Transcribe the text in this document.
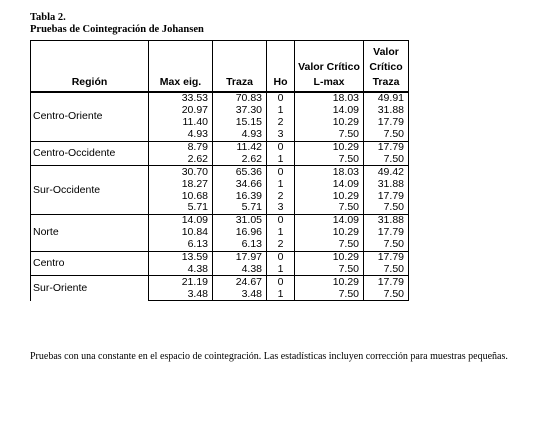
Tabla 2.
Pruebas de Cointegración de Johansen
Región	Max eig.	Traza	Ho	Valor Crítico L-max	Valor Crítico Traza
Centro-Oriente	33.53	70.83	0	18.03	49.91
	20.97	37.30	1	14.09	31.88
	11.40	15.15	2	10.29	17.79
	4.93	4.93	3	7.50	7.50
Centro-Occidente	8.79	11.42	0	10.29	17.79
	2.62	2.62	1	7.50	7.50
Sur-Occidente	30.70	65.36	0	18.03	49.42
	18.27	34.66	1	14.09	31.88
	10.68	16.39	2	10.29	17.79
	5.71	5.71	3	7.50	7.50
Norte	14.09	31.05	0	14.09	31.88
	10.84	16.96	1	10.29	17.79
	6.13	6.13	2	7.50	7.50
Centro	13.59	17.97	0	10.29	17.79
	4.38	4.38	1	7.50	7.50
Sur-Oriente	21.19	24.67	0	10.29	17.79
	3.48	3.48	1	7.50	7.50
Pruebas con una constante en el espacio de cointegración. Las estadísticas incluyen corrección para muestras pequeñas.
